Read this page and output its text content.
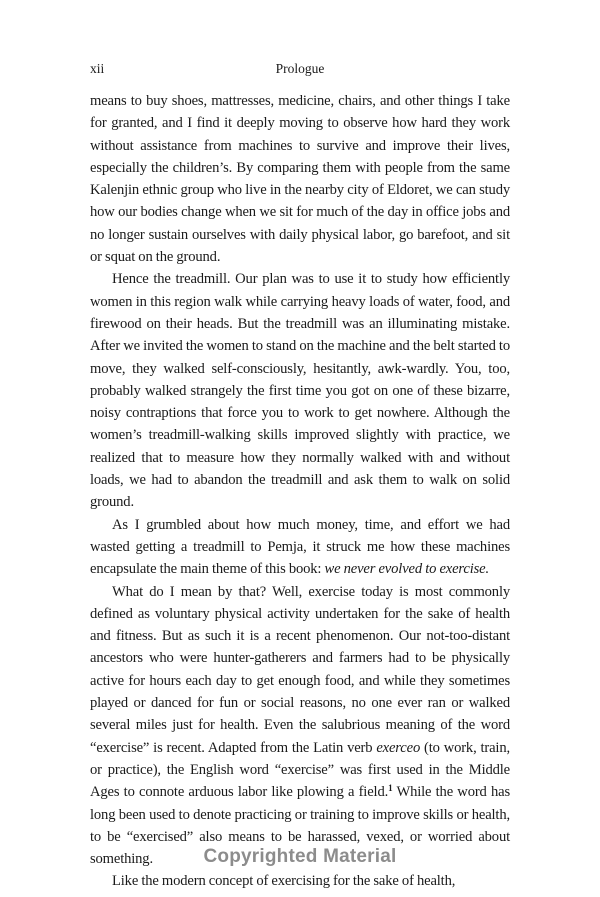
xii	Prologue

means to buy shoes, mattresses, medicine, chairs, and other things I take for granted, and I find it deeply moving to observe how hard they work without assistance from machines to survive and improve their lives, especially the children’s. By comparing them with people from the same Kalenjin ethnic group who live in the nearby city of Eldoret, we can study how our bodies change when we sit for much of the day in office jobs and no longer sustain ourselves with daily physical labor, go barefoot, and sit or squat on the ground.

Hence the treadmill. Our plan was to use it to study how efficiently women in this region walk while carrying heavy loads of water, food, and firewood on their heads. But the treadmill was an illuminating mistake. After we invited the women to stand on the machine and the belt started to move, they walked self-consciously, hesitantly, awk-wardly. You, too, probably walked strangely the first time you got on one of these bizarre, noisy contraptions that force you to work to get nowhere. Although the women’s treadmill-walking skills improved slightly with practice, we realized that to measure how they normally walked with and without loads, we had to abandon the treadmill and ask them to walk on solid ground.

As I grumbled about how much money, time, and effort we had wasted getting a treadmill to Pemja, it struck me how these machines encapsulate the main theme of this book: we never evolved to exercise.

What do I mean by that? Well, exercise today is most commonly defined as voluntary physical activity undertaken for the sake of health and fitness. But as such it is a recent phenomenon. Our not-too-distant ancestors who were hunter-gatherers and farmers had to be physically active for hours each day to get enough food, and while they sometimes played or danced for fun or social reasons, no one ever ran or walked several miles just for health. Even the salubrious meaning of the word “exercise” is recent. Adapted from the Latin verb exerceo (to work, train, or practice), the English word “exercise” was first used in the Middle Ages to connote arduous labor like plowing a field.$^1$ While the word has long been used to denote practicing or training to improve skills or health, to be “exercised” also means to be harassed, vexed, or worried about something.

Like the modern concept of exercising for the sake of health,

Copyrighted Material
